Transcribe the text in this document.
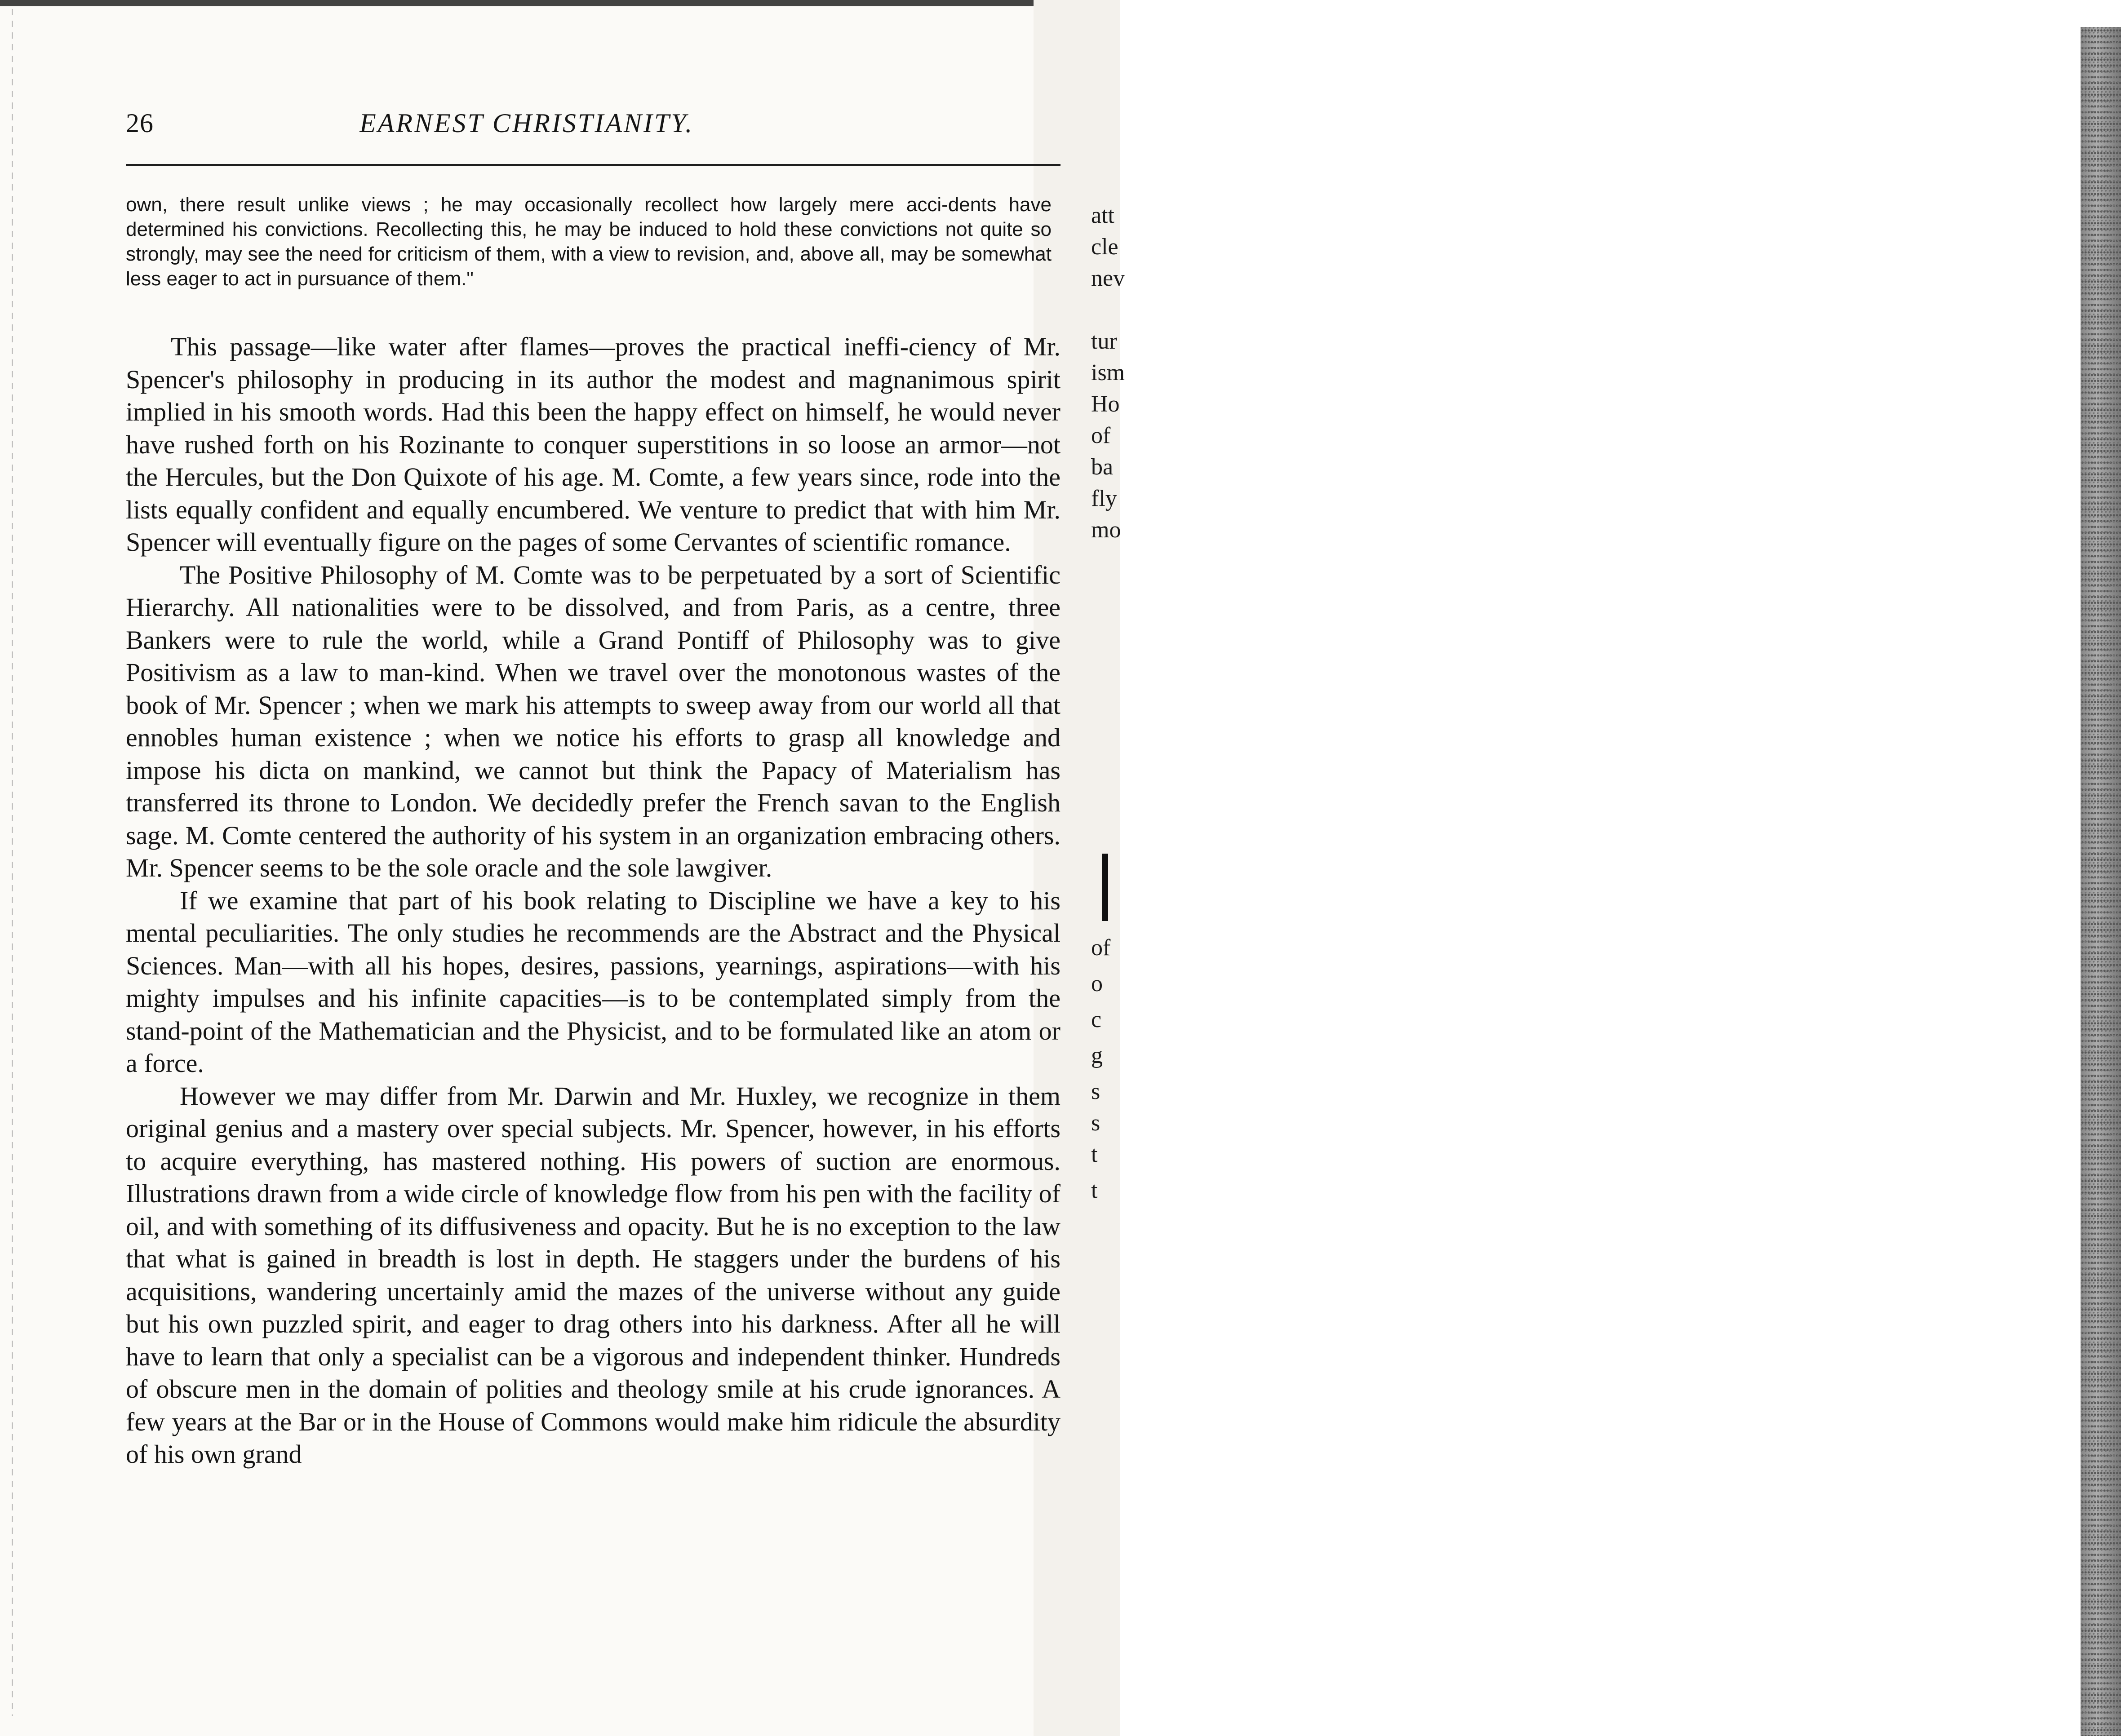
att
cle
nev
tur
ism
Ho
of
ba
fly
mo
of
o
c
g
s
s
t
t
26	EARNEST CHRISTIANITY.

own, there result unlike views ; he may occasionally recollect how largely mere acci-dents have determined his convictions. Recollecting this, he may be induced to hold these convictions not quite so strongly, may see the need for criticism of them, with a view to revision, and, above all, may be somewhat less eager to act in pursuance of them."

This passage—like water after flames—proves the practical ineffi-ciency of Mr. Spencer's philosophy in producing in its author the modest and magnanimous spirit implied in his smooth words. Had this been the happy effect on himself, he would never have rushed forth on his Rozinante to conquer superstitions in so loose an armor—not the Hercules, but the Don Quixote of his age. M. Comte, a few years since, rode into the lists equally confident and equally encumbered. We venture to predict that with him Mr. Spencer will eventually figure on the pages of some Cervantes of scientific romance.

The Positive Philosophy of M. Comte was to be perpetuated by a sort of Scientific Hierarchy. All nationalities were to be dissolved, and from Paris, as a centre, three Bankers were to rule the world, while a Grand Pontiff of Philosophy was to give Positivism as a law to man-kind. When we travel over the monotonous wastes of the book of Mr. Spencer ; when we mark his attempts to sweep away from our world all that ennobles human existence ; when we notice his efforts to grasp all knowledge and impose his dicta on mankind, we cannot but think the Papacy of Materialism has transferred its throne to London. We decidedly prefer the French savan to the English sage. M. Comte centered the authority of his system in an organization embracing others. Mr. Spencer seems to be the sole oracle and the sole lawgiver.

If we examine that part of his book relating to Discipline we have a key to his mental peculiarities. The only studies he recommends are the Abstract and the Physical Sciences. Man—with all his hopes, desires, passions, yearnings, aspirations—with his mighty impulses and his infinite capacities—is to be contemplated simply from the stand-point of the Mathematician and the Physicist, and to be formulated like an atom or a force.

However we may differ from Mr. Darwin and Mr. Huxley, we recognize in them original genius and a mastery over special subjects. Mr. Spencer, however, in his efforts to acquire everything, has mastered nothing. His powers of suction are enormous. Illustrations drawn from a wide circle of knowledge flow from his pen with the facility of oil, and with something of its diffusiveness and opacity. But he is no exception to the law that what is gained in breadth is lost in depth. He staggers under the burdens of his acquisitions, wandering uncertainly amid the mazes of the universe without any guide but his own puzzled spirit, and eager to drag others into his darkness. After all he will have to learn that only a specialist can be a vigorous and independent thinker. Hundreds of obscure men in the domain of polities and theology smile at his crude ignorances. A few years at the Bar or in the House of Commons would make him ridicule the absurdity of his own grand
